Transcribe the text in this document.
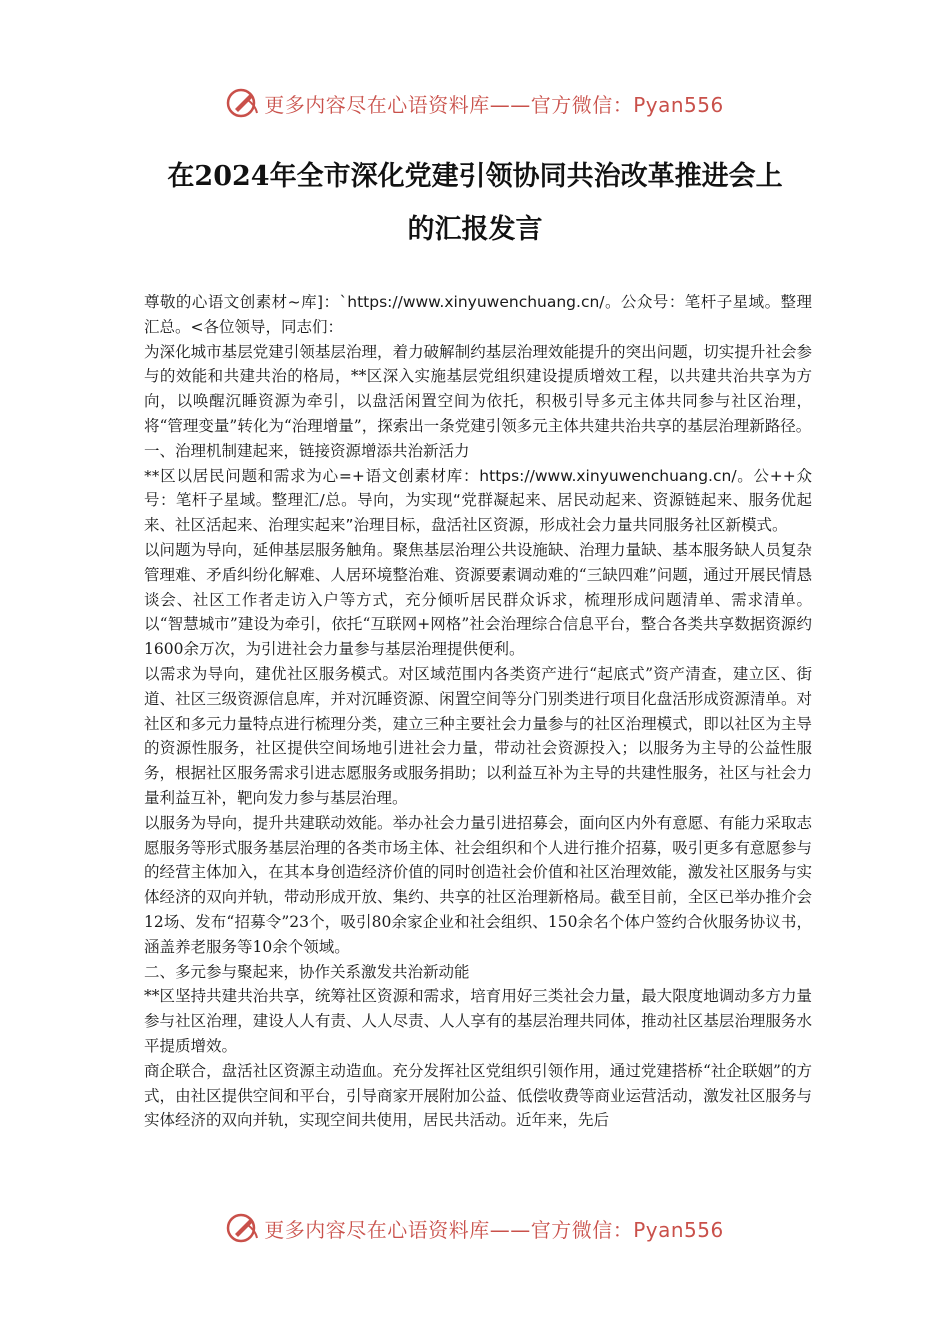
更多内容尽在心语资料库——官方微信：Pyan556
在2024年全市深化党建引领协同共治改革推进会上
的汇报发言

尊敬的心语文创素材~库]：`https://www.xinyuwenchuang.cn/。公众号：笔杆子星域。整理汇总。<各位领导，同志们：

为深化城市基层党建引领基层治理，着力破解制约基层治理效能提升的突出问题，切实提升社会参与的效能和共建共治的格局，**区深入实施基层党组织建设提质增效工程，以共建共治共享为方向，以唤醒沉睡资源为牵引，以盘活闲置空间为依托，积极引导多元主体共同参与社区治理，将“管理变量”转化为“治理增量”，探索出一条党建引领多元主体共建共治共享的基层治理新路径。

一、治理机制建起来，链接资源增添共治新活力

**区以居民问题和需求为心=+语文创素材库：https://www.xinyuwenchuang.cn/。公++众号：笔杆子星域。整理汇/总。导向，为实现“党群凝起来、居民动起来、资源链起来、服务优起来、社区活起来、治理实起来”治理目标，盘活社区资源，形成社会力量共同服务社区新模式。

以问题为导向，延伸基层服务触角。聚焦基层治理公共设施缺、治理力量缺、基本服务缺人员复杂管理难、矛盾纠纷化解难、人居环境整治难、资源要素调动难的“三缺四难”问题，通过开展民情恳谈会、社区工作者走访入户等方式，充分倾听居民群众诉求，梳理形成问题清单、需求清单。以“智慧城市”建设为牵引，依托“互联网+网格”社会治理综合信息平台，整合各类共享数据资源约1600余万次，为引进社会力量参与基层治理提供便利。

以需求为导向，建优社区服务模式。对区域范围内各类资产进行“起底式”资产清查，建立区、街道、社区三级资源信息库，并对沉睡资源、闲置空间等分门别类进行项目化盘活形成资源清单。对社区和多元力量特点进行梳理分类，建立三种主要社会力量参与的社区治理模式，即以社区为主导的资源性服务，社区提供空间场地引进社会力量，带动社会资源投入；以服务为主导的公益性服务，根据社区服务需求引进志愿服务或服务捐助；以利益互补为主导的共建性服务，社区与社会力量利益互补，靶向发力参与基层治理。

以服务为导向，提升共建联动效能。举办社会力量引进招募会，面向区内外有意愿、有能力采取志愿服务等形式服务基层治理的各类市场主体、社会组织和个人进行推介招募，吸引更多有意愿参与的经营主体加入，在其本身创造经济价值的同时创造社会价值和社区治理效能，激发社区服务与实体经济的双向并轨，带动形成开放、集约、共享的社区治理新格局。截至目前，全区已举办推介会12场、发布“招募令”23个，吸引80余家企业和社会组织、150余名个体户签约合伙服务协议书，涵盖养老服务等10余个领域。

二、多元参与聚起来，协作关系激发共治新动能

**区坚持共建共治共享，统筹社区资源和需求，培育用好三类社会力量，最大限度地调动多方力量参与社区治理，建设人人有责、人人尽责、人人享有的基层治理共同体，推动社区基层治理服务水平提质增效。

商企联合，盘活社区资源主动造血。充分发挥社区党组织引领作用，通过党建搭桥“社企联姻”的方式，由社区提供空间和平台，引导商家开展附加公益、低偿收费等商业运营活动，激发社区服务与实体经济的双向并轨，实现空间共使用，居民共活动。近年来，先后

更多内容尽在心语资料库——官方微信：Pyan556
